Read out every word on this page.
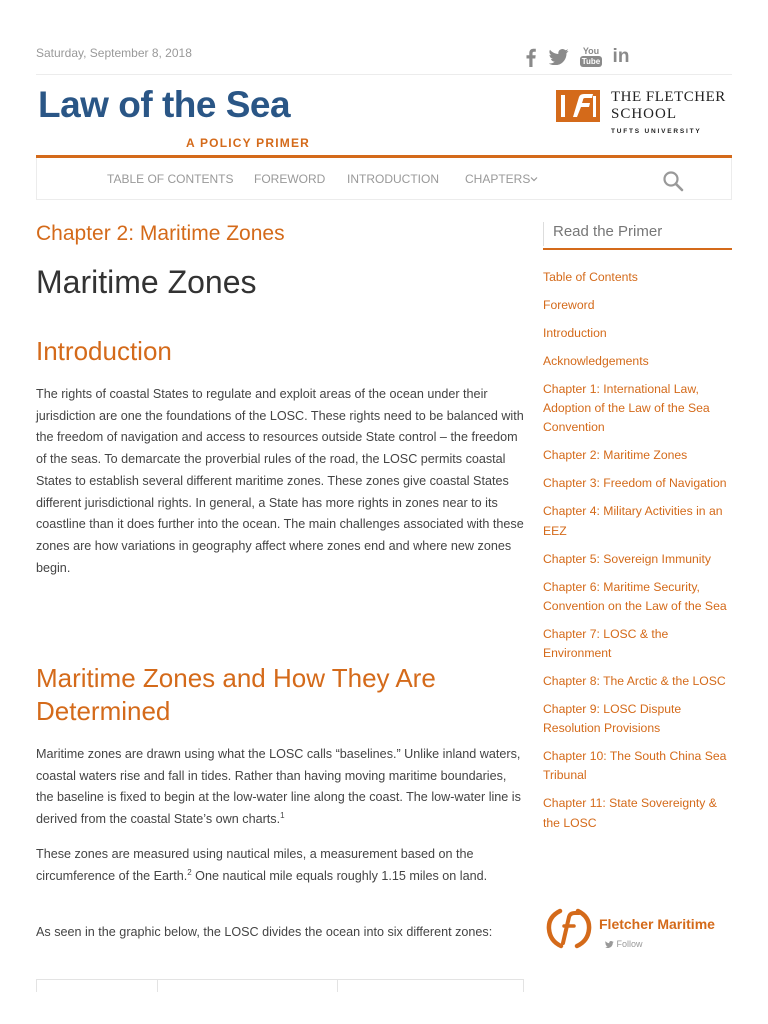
Saturday, September 8, 2018	You
Tube in
Law of the Sea
A POLICY PRIMER
THE FLETCHER
SCHOOL
TUFTS UNIVERSITY
TABLE OF CONTENTS FOREWORD INTRODUCTION CHAPTERS
Chapter 2: Maritime Zones
Maritime Zones
Introduction

The rights of coastal States to regulate and exploit areas of the ocean under their jurisdiction are one the foundations of the LOSC. These rights need to be balanced with the freedom of navigation and access to resources outside State control – the freedom of the seas. To demarcate the proverbial rules of the road, the LOSC permits coastal States to establish several different maritime zones. These zones give coastal States different jurisdictional rights. In general, a State has more rights in zones near to its coastline than it does further into the ocean. The main challenges associated with these zones are how variations in geography affect where zones end and where new zones begin.

Maritime Zones and How They Are Determined

Maritime zones are drawn using what the LOSC calls “baselines.” Unlike inland waters, coastal waters rise and fall in tides. Rather than having moving maritime boundaries, the baseline is fixed to begin at the low-water line along the coast. The low-water line is derived from the coastal State’s own charts.$^1$

These zones are measured using nautical miles, a measurement based on the circumference of the Earth.$^2$ One nautical mile equals roughly 1.15 miles on land.

As seen in the graphic below, the LOSC divides the ocean into six different zones:

Read the Primer
Table of Contents
Foreword
Introduction
Acknowledgements
Chapter 1: International Law, Adoption of the Law of the Sea Convention
Chapter 2: Maritime Zones
Chapter 3: Freedom of Navigation
Chapter 4: Military Activities in an EEZ
Chapter 5: Sovereign Immunity
Chapter 6: Maritime Security, Convention on the Law of the Sea
Chapter 7: LOSC & the Environment
Chapter 8: The Arctic & the LOSC
Chapter 9: LOSC Dispute Resolution Provisions
Chapter 10: The South China Sea Tribunal
Chapter 11: State Sovereignty & the LOSC
Fletcher Maritime
Follow
